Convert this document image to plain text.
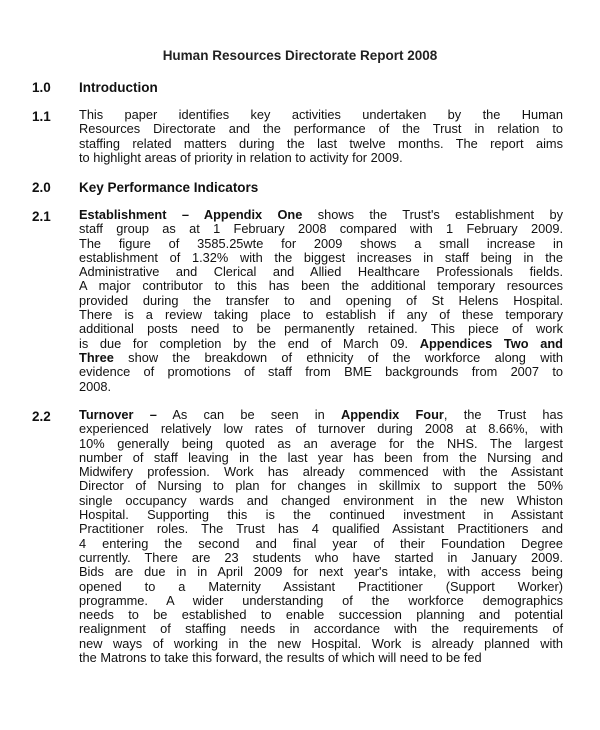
Human Resources Directorate Report 2008
1.0 Introduction
1.1 This paper identifies key activities undertaken by the Human
Resources Directorate and the performance of the Trust in relation to
staffing related matters during the last twelve months. The report aims
to highlight areas of priority in relation to activity for 2009.
2.0 Key Performance Indicators
2.1 Establishment – Appendix One shows the Trust's establishment by
staff group as at 1 February 2008 compared with 1 February 2009.
The figure of 3585.25wte for 2009 shows a small increase in
establishment of 1.32% with the biggest increases in staff being in the
Administrative and Clerical and Allied Healthcare Professionals fields.
A major contributor to this has been the additional temporary resources
provided during the transfer to and opening of St Helens Hospital.
There is a review taking place to establish if any of these temporary
additional posts need to be permanently retained. This piece of work
is due for completion by the end of March 09. Appendices Two and
Three show the breakdown of ethnicity of the workforce along with
evidence of promotions of staff from BME backgrounds from 2007 to
2008.
2.2 Turnover – As can be seen in Appendix Four, the Trust has
experienced relatively low rates of turnover during 2008 at 8.66%, with
10% generally being quoted as an average for the NHS. The largest
number of staff leaving in the last year has been from the Nursing and
Midwifery profession. Work has already commenced with the Assistant
Director of Nursing to plan for changes in skillmix to support the 50%
single occupancy wards and changed environment in the new Whiston
Hospital. Supporting this is the continued investment in Assistant
Practitioner roles. The Trust has 4 qualified Assistant Practitioners and
4 entering the second and final year of their Foundation Degree
currently. There are 23 students who have started in January 2009.
Bids are due in in April 2009 for next year's intake, with access being
opened to a Maternity Assistant Practitioner (Support Worker)
programme. A wider understanding of the workforce demographics
needs to be established to enable succession planning and potential
realignment of staffing needs in accordance with the requirements of
new ways of working in the new Hospital. Work is already planned with
the Matrons to take this forward, the results of which will need to be fed
